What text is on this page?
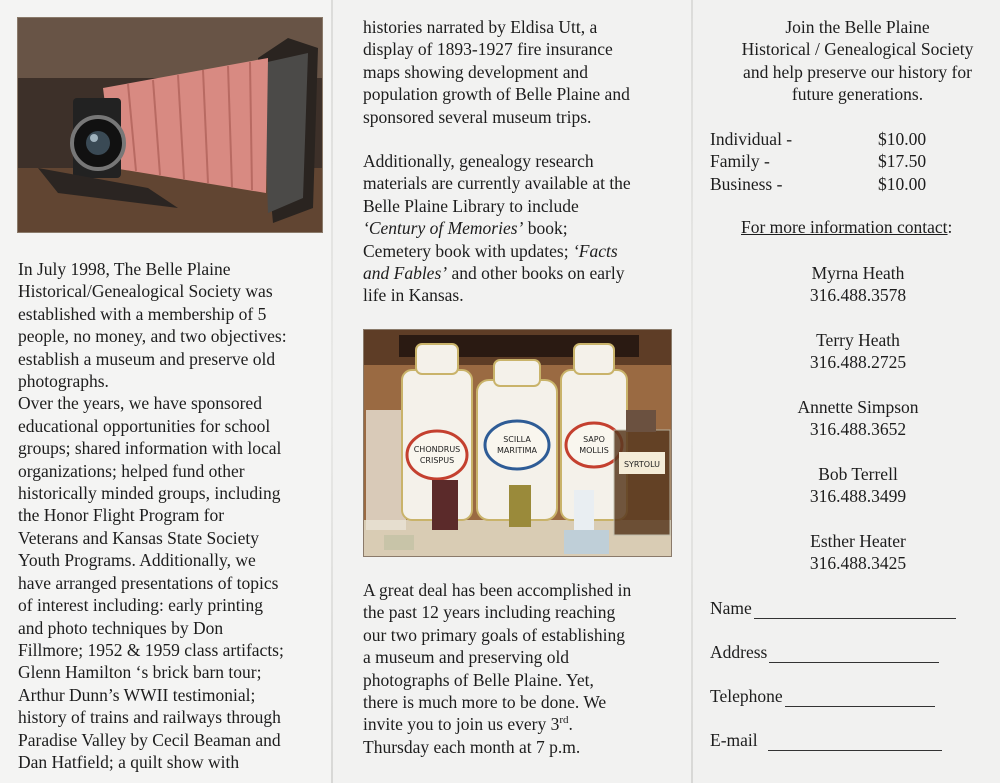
In July 1998, The Belle Plaine
Historical/Genealogical Society was
established with a membership of 5
people, no money, and two objectives:
establish a museum and preserve old
photographs.
Over the years, we have sponsored
educational opportunities for school
groups; shared information with local
organizations; helped fund other
historically minded groups, including
the Honor Flight Program for
Veterans and Kansas State Society
Youth Programs. Additionally, we
have arranged presentations of topics
of interest including: early printing
and photo techniques by Don
Fillmore; 1952 & 1959 class artifacts;
Glenn Hamilton ‘s brick barn tour;
Arthur Dunn’s WWII testimonial;
history of trains and railways through
Paradise Valley by Cecil Beaman and
Dan Hatfield; a quilt show with
histories narrated by Eldisa Utt, a
display of 1893-1927 fire insurance
maps showing development and
population growth of Belle Plaine and
sponsored several museum trips.
Additionally, genealogy research
materials are currently available at the
Belle Plaine Library to include
‘Century of Memories’ book;
Cemetery book with updates; ‘Facts
and Fables’ and other books on early
life in Kansas.
CHONDRUS
CRISPUS
SCILLA
MARITIMA
SAPO
MOLLIS
SYRTOLU
A great deal has been accomplished in
the past 12 years including reaching
our two primary goals of establishing
a museum and preserving old
photographs of Belle Plaine. Yet,
there is much more to be done. We
invite you to join us every 3rd.
Thursday each month at 7 p.m.
Join the Belle Plaine
Historical / Genealogical Society
and help preserve our history for
future generations.
Individual -	$10.00
Family -	$17.50
Business -	$10.00
For more information contact:
Myrna Heath
316.488.3578
Terry Heath
316.488.2725
Annette Simpson
316.488.3652
Bob Terrell
316.488.3499
Esther Heater
316.488.3425
Name
Address
Telephone
E-mail
